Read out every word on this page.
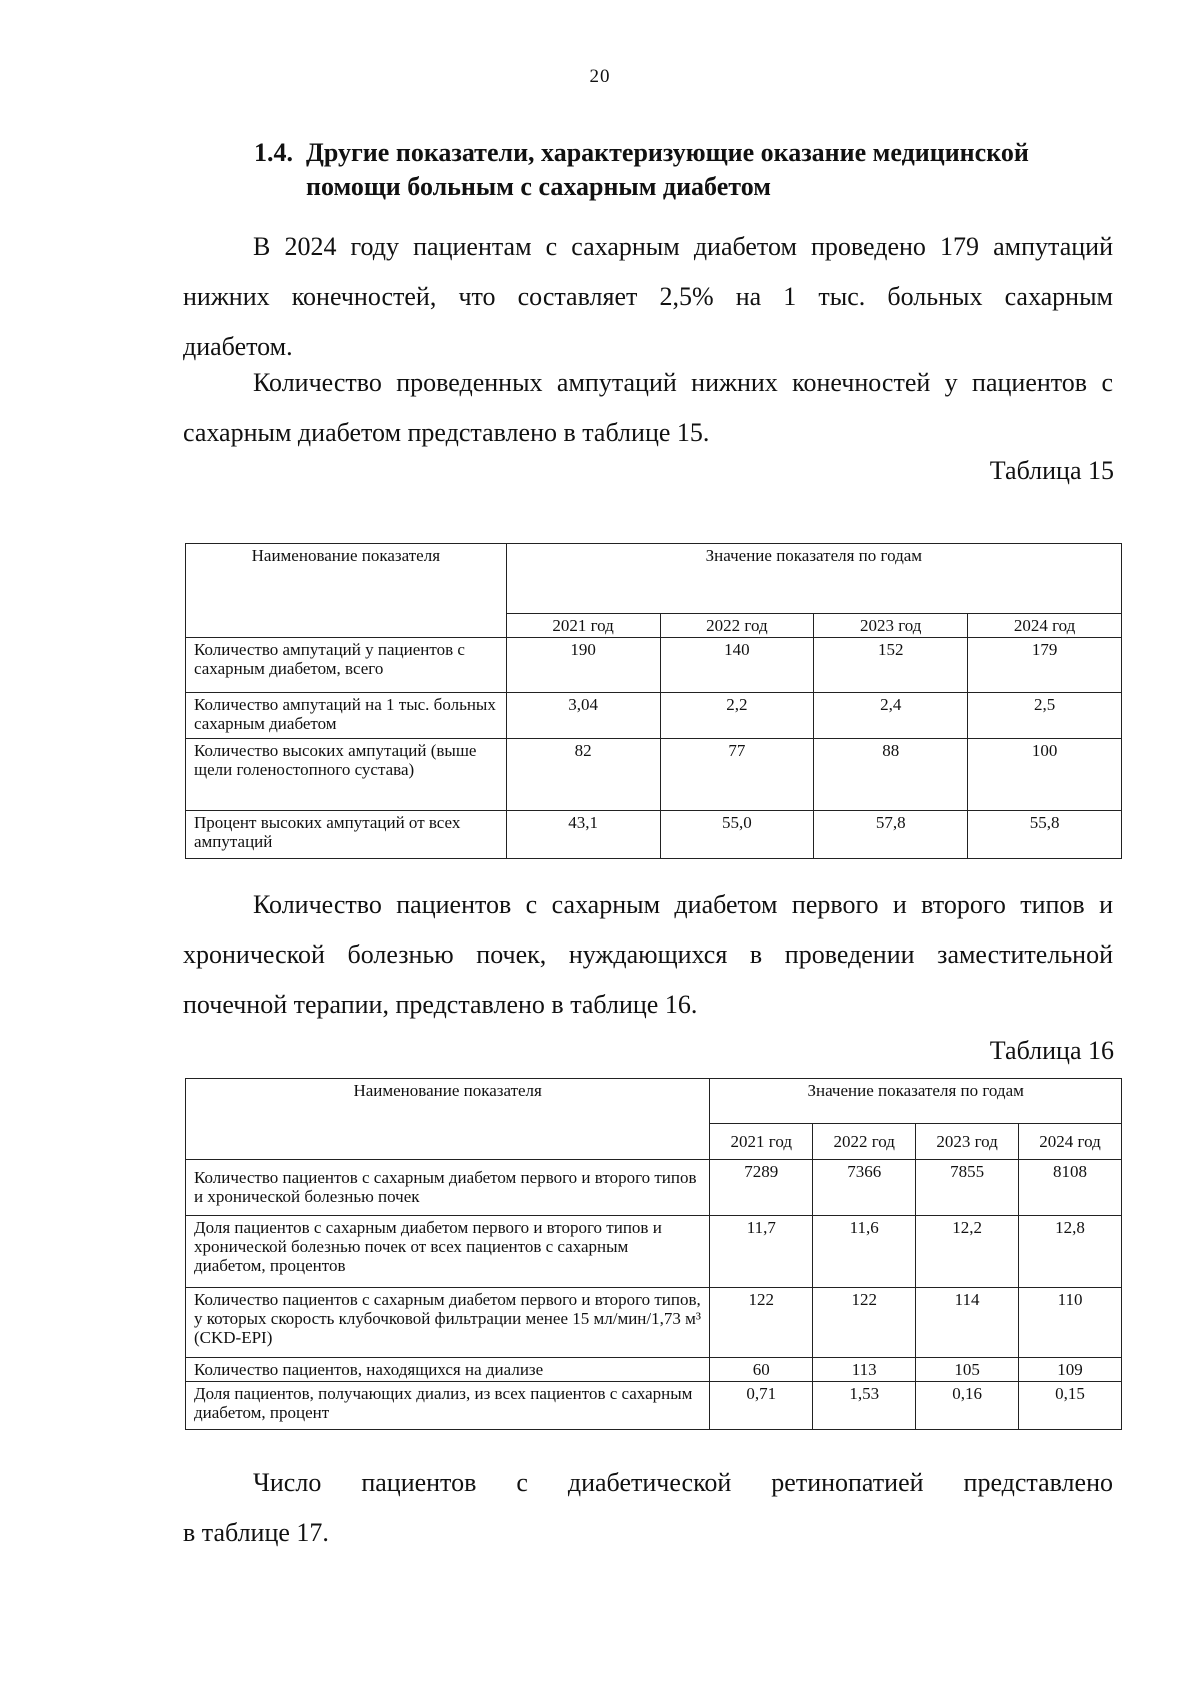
20
1.4. Другие показатели, характеризующие оказание медицинской
помощи больным с сахарным диабетом
В 2024 году пациентам с сахарным диабетом проведено 179 ампутаций
нижних конечностей, что составляет 2,5% на 1 тыс. больных сахарным
диабетом.
Количество проведенных ампутаций нижних конечностей у пациентов с
сахарным диабетом представлено в таблице 15.
Таблица 15
Наименование показателя	Значение показателя по годам			
	2021 год	2022 год	2023 год	2024 год
Количество ампутаций у пациентов с сахарным диабетом, всего	190	140	152	179
Количество ампутаций на 1 тыс. больных сахарным диабетом	3,04	2,2	2,4	2,5
Количество высоких ампутаций (выше щели голеностопного сустава)	82	77	88	100
Процент высоких ампутаций от всех ампутаций	43,1	55,0	57,8	55,8
Количество пациентов с сахарным диабетом первого и второго типов и
хронической болезнью почек, нуждающихся в проведении заместительной
почечной терапии, представлено в таблице 16.
Таблица 16
Наименование показателя	Значение показателя по годам			
	2021 год	2022 год	2023 год	2024 год
Количество пациентов с сахарным диабетом первого и второго типов и хронической болезнью почек	7289	7366	7855	8108
Доля пациентов с сахарным диабетом первого и второго типов и хронической болезнью почек от всех пациентов с сахарным диабетом, процентов	11,7	11,6	12,2	12,8
Количество пациентов с сахарным диабетом первого и второго типов, у которых скорость клубочковой фильтрации менее 15 мл/мин/1,73 м³ (CKD-EPI)	122	122	114	110
Количество пациентов, находящихся на диализе	60	113	105	109
Доля пациентов, получающих диализ, из всех пациентов с сахарным диабетом, процент	0,71	1,53	0,16	0,15
Число пациентов с диабетической ретинопатией представлено
в таблице 17.
